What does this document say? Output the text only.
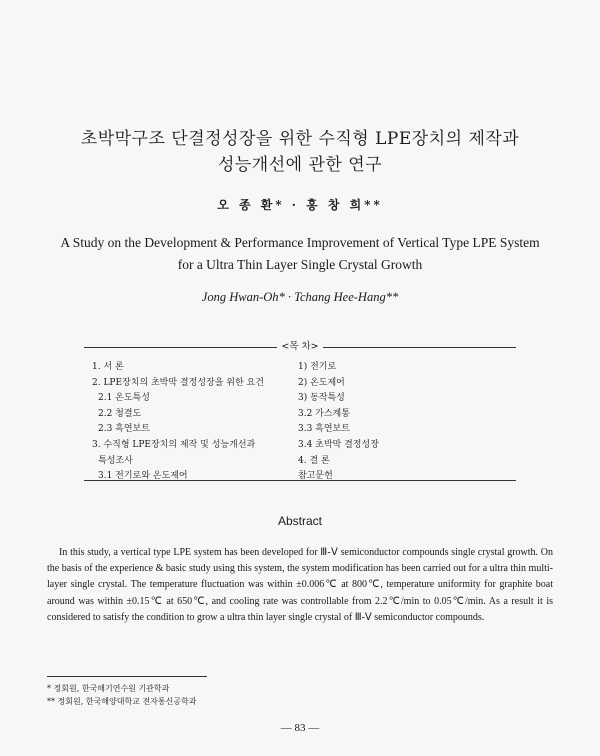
초박막구조 단결정성장을 위한 수직형 LPE장치의 제작과
성능개선에 관한 연구
오 종 환* · 홍 창 희**
A Study on the Development & Performance Improvement of Vertical Type LPE System
for a Ultra Thin Layer Single Crystal Growth
Jong Hwan-Oh* · Tchang Hee-Hang**
<목 차>
1. 서 론
2. LPE장치의 초박막 결정성장을 위한 요건
2.1 온도특성
2.2 청결도
2.3 흑연보트
3. 수직형 LPE장치의 제작 및 성능개선과
특성조사
3.1 전기로와 온도제어
1) 전기로
2) 온도제어
3) 동작특성
3.2 가스계통
3.3 흑연보트
3.4 초박막 결정성장
4. 결 론
참고문헌
Abstract
In this study, a vertical type LPE system has been developed for Ⅲ-Ⅴ semiconductor compounds single crystal growth. On the basis of the experience & basic study using this system, the system modification has been carried out for a ultra thin multi-layer single crystal. The temperature fluctuation was within ±0.006℃ at 800℃, temperature uniformity for graphite boat around was within ±0.15℃ at 650℃, and cooling rate was controllable from 2.2℃/min to 0.05℃/min. As a result it is considered to satisfy the condition to grow a ultra thin layer single crystal of Ⅲ-Ⅴ semiconductor compounds.
* 정회원, 한국해기연수원 기관학과
** 정회원, 한국해양대학교 전자통신공학과
— 83 —
